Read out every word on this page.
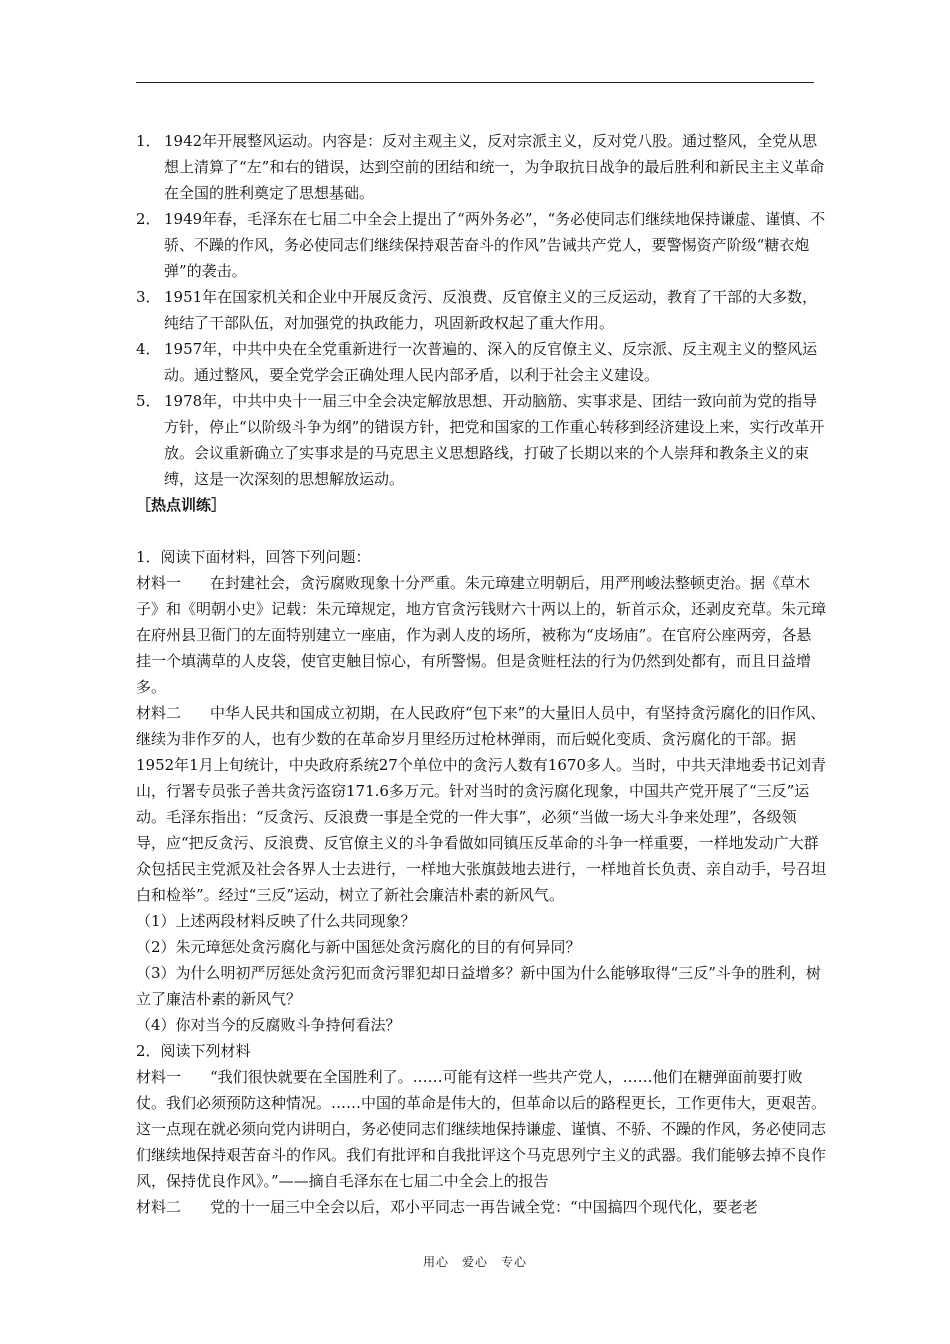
1． 1942年开展整风运动。内容是：反对主观主义，反对宗派主义，反对党八股。通过整风，全党从思想上清算了“左”和右的错误，达到空前的团结和统一，为争取抗日战争的最后胜利和新民主主义革命在全国的胜利奠定了思想基础。

2． 1949年春，毛泽东在七届二中全会上提出了“两外务必”，“务必使同志们继续地保持谦虚、谨慎、不骄、不躁的作风，务必使同志们继续保持艰苦奋斗的作风”告诫共产党人，要警惕资产阶级“糖衣炮弹”的袭击。

3． 1951年在国家机关和企业中开展反贪污、反浪费、反官僚主义的三反运动，教育了干部的大多数，纯结了干部队伍，对加强党的执政能力，巩固新政权起了重大作用。

4． 1957年，中共中央在全党重新进行一次普遍的、深入的反官僚主义、反宗派、反主观主义的整风运动。通过整风，要全党学会正确处理人民内部矛盾，以利于社会主义建设。

5． 1978年，中共中央十一届三中全会决定解放思想、开动脑筋、实事求是、团结一致向前为党的指导方针，停止“以阶级斗争为纲”的错误方针，把党和国家的工作重心转移到经济建设上来，实行改革开放。会议重新确立了实事求是的马克思主义思想路线，打破了长期以来的个人崇拜和教条主义的束缚，这是一次深刻的思想解放运动。

［热点训练］

1．阅读下面材料，回答下列问题：

材料一 在封建社会，贪污腐败现象十分严重。朱元璋建立明朝后，用严刑峻法整顿吏治。据《草木子》和《明朝小史》记载：朱元璋规定，地方官贪污钱财六十两以上的，斩首示众，还剥皮充草。朱元璋在府州县卫衙门的左面特别建立一座庙，作为剥人皮的场所，被称为“皮场庙”。在官府公座两旁，各悬挂一个填满草的人皮袋，使官吏触目惊心，有所警惕。但是贪赃枉法的行为仍然到处都有，而且日益增多。

材料二 中华人民共和国成立初期，在人民政府“包下来”的大量旧人员中，有坚持贪污腐化的旧作风、继续为非作歹的人，也有少数的在革命岁月里经历过枪林弹雨，而后蜕化变质、贪污腐化的干部。据1952年1月上旬统计，中央政府系统27个单位中的贪污人数有1670多人。当时，中共天津地委书记刘青山，行署专员张子善共贪污盗窃171.6多万元。针对当时的贪污腐化现象，中国共产党开展了“三反”运动。毛泽东指出：“反贪污、反浪费一事是全党的一件大事”，必须“当做一场大斗争来处理”，各级领导，应“把反贪污、反浪费、反官僚主义的斗争看做如同镇压反革命的斗争一样重要，一样地发动广大群众包括民主党派及社会各界人士去进行，一样地大张旗鼓地去进行，一样地首长负责、亲自动手，号召坦白和检举”。经过“三反”运动，树立了新社会廉洁朴素的新风气。

（1）上述两段材料反映了什么共同现象？

（2）朱元璋惩处贪污腐化与新中国惩处贪污腐化的目的有何异同？

（3）为什么明初严厉惩处贪污犯而贪污罪犯却日益增多？新中国为什么能够取得“三反”斗争的胜利，树立了廉洁朴素的新风气？

（4）你对当今的反腐败斗争持何看法？

2．阅读下列材料

材料一 “我们很快就要在全国胜利了。……可能有这样一些共产党人，……他们在糖弹面前要打败仗。我们必须预防这种情况。……中国的革命是伟大的，但革命以后的路程更长，工作更伟大，更艰苦。这一点现在就必须向党内讲明白，务必使同志们继续地保持谦虚、谨慎、不骄、不躁的作风，务必使同志们继续地保持艰苦奋斗的作风。我们有批评和自我批评这个马克思列宁主义的武器。我们能够去掉不良作风，保持优良作风》。”——摘自毛泽东在七届二中全会上的报告

材料二 党的十一届三中全会以后，邓小平同志一再告诫全党：“中国搞四个现代化，要老老

用心　爱心　专心
